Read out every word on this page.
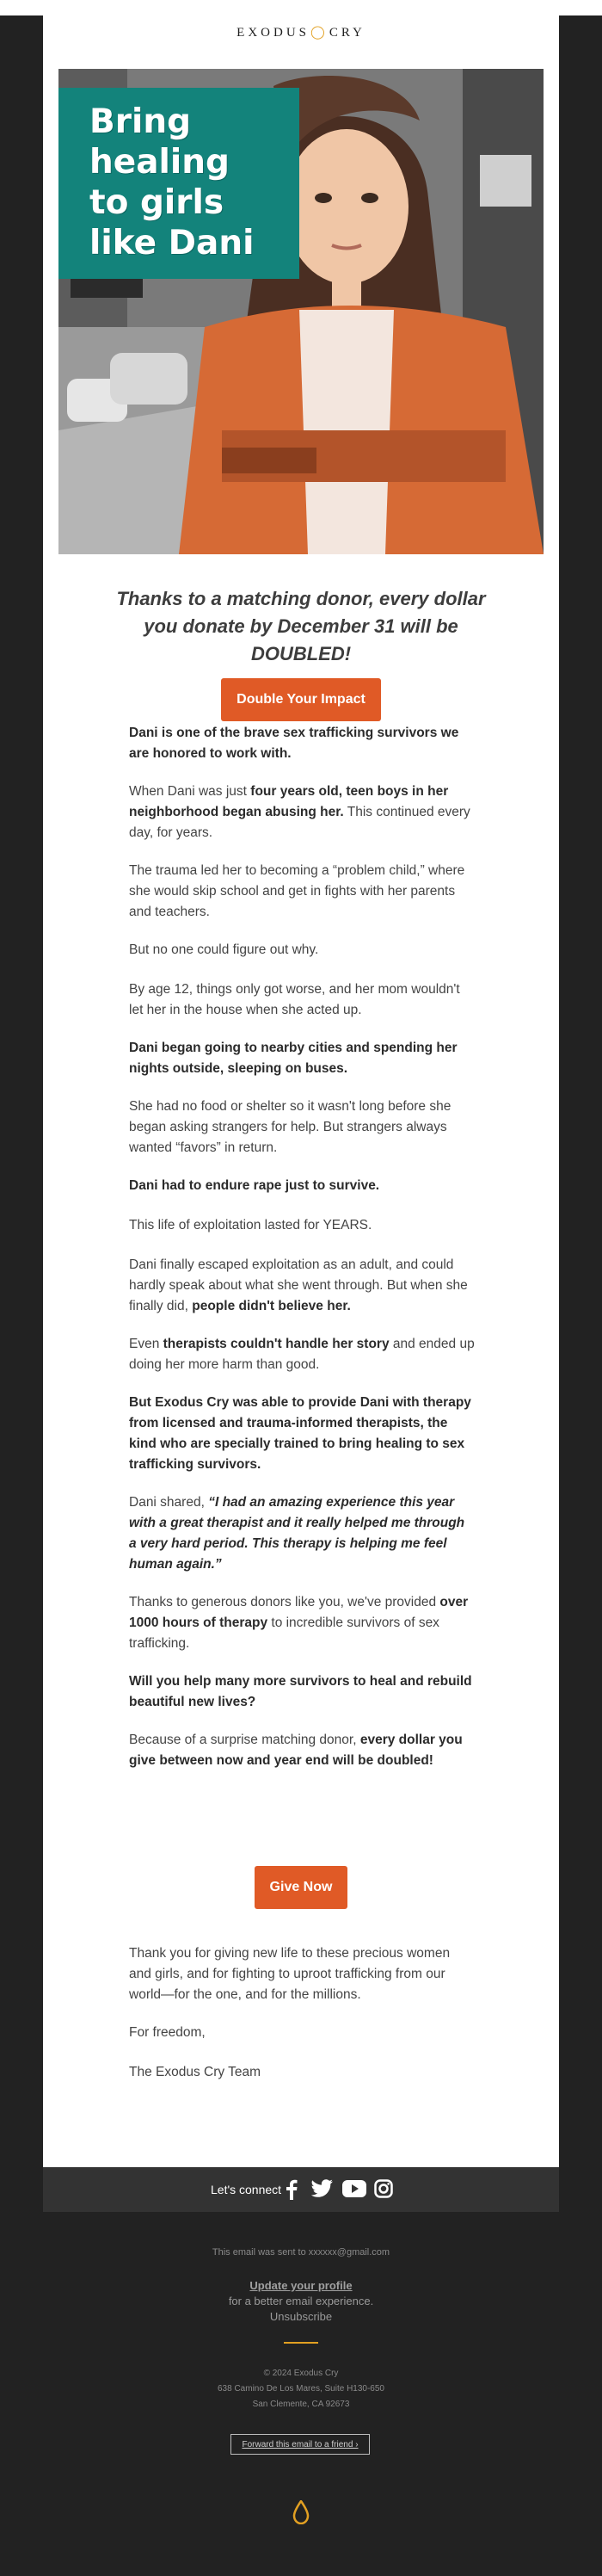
EXODUS◯CRY
Bring
healing
to girls
like Dani
Thanks to a matching donor, every dollar you donate by December 31 will be DOUBLED!
Double Your Impact
Dani is one of the brave sex trafficking survivors we are honored to work with.
When Dani was just four years old, teen boys in her neighborhood began abusing her. This continued every day, for years.
The trauma led her to becoming a “problem child,” where she would skip school and get in fights with her parents and teachers.
But no one could figure out why.
By age 12, things only got worse, and her mom wouldn't let her in the house when she acted up.
Dani began going to nearby cities and spending her nights outside, sleeping on buses.
She had no food or shelter so it wasn't long before she began asking strangers for help. But strangers always wanted “favors” in return.
Dani had to endure rape just to survive.
This life of exploitation lasted for YEARS.
Dani finally escaped exploitation as an adult, and could hardly speak about what she went through. But when she finally did, people didn't believe her.
Even therapists couldn't handle her story and ended up doing her more harm than good.
But Exodus Cry was able to provide Dani with therapy from licensed and trauma-informed therapists, the kind who are specially trained to bring healing to sex trafficking survivors.
Dani shared, “I had an amazing experience this year with a great therapist and it really helped me through a very hard period. This therapy is helping me feel human again.”
Thanks to generous donors like you, we've provided over 1000 hours of therapy to incredible survivors of sex trafficking.
Will you help many more survivors to heal and rebuild beautiful new lives?
Because of a surprise matching donor, every dollar you give between now and year end will be doubled!
Give Now
Thank you for giving new life to these precious women and girls, and for fighting to uproot trafficking from our world—for the one, and for the millions.
For freedom,
The Exodus Cry Team
Let's connect
This email was sent to xxxxxx@gmail.com
Update your profile
for a better email experience.
Unsubscribe
© 2024 Exodus Cry
638 Camino De Los Mares, Suite H130-650
San Clemente, CA 92673
Forward this email to a friend ›
